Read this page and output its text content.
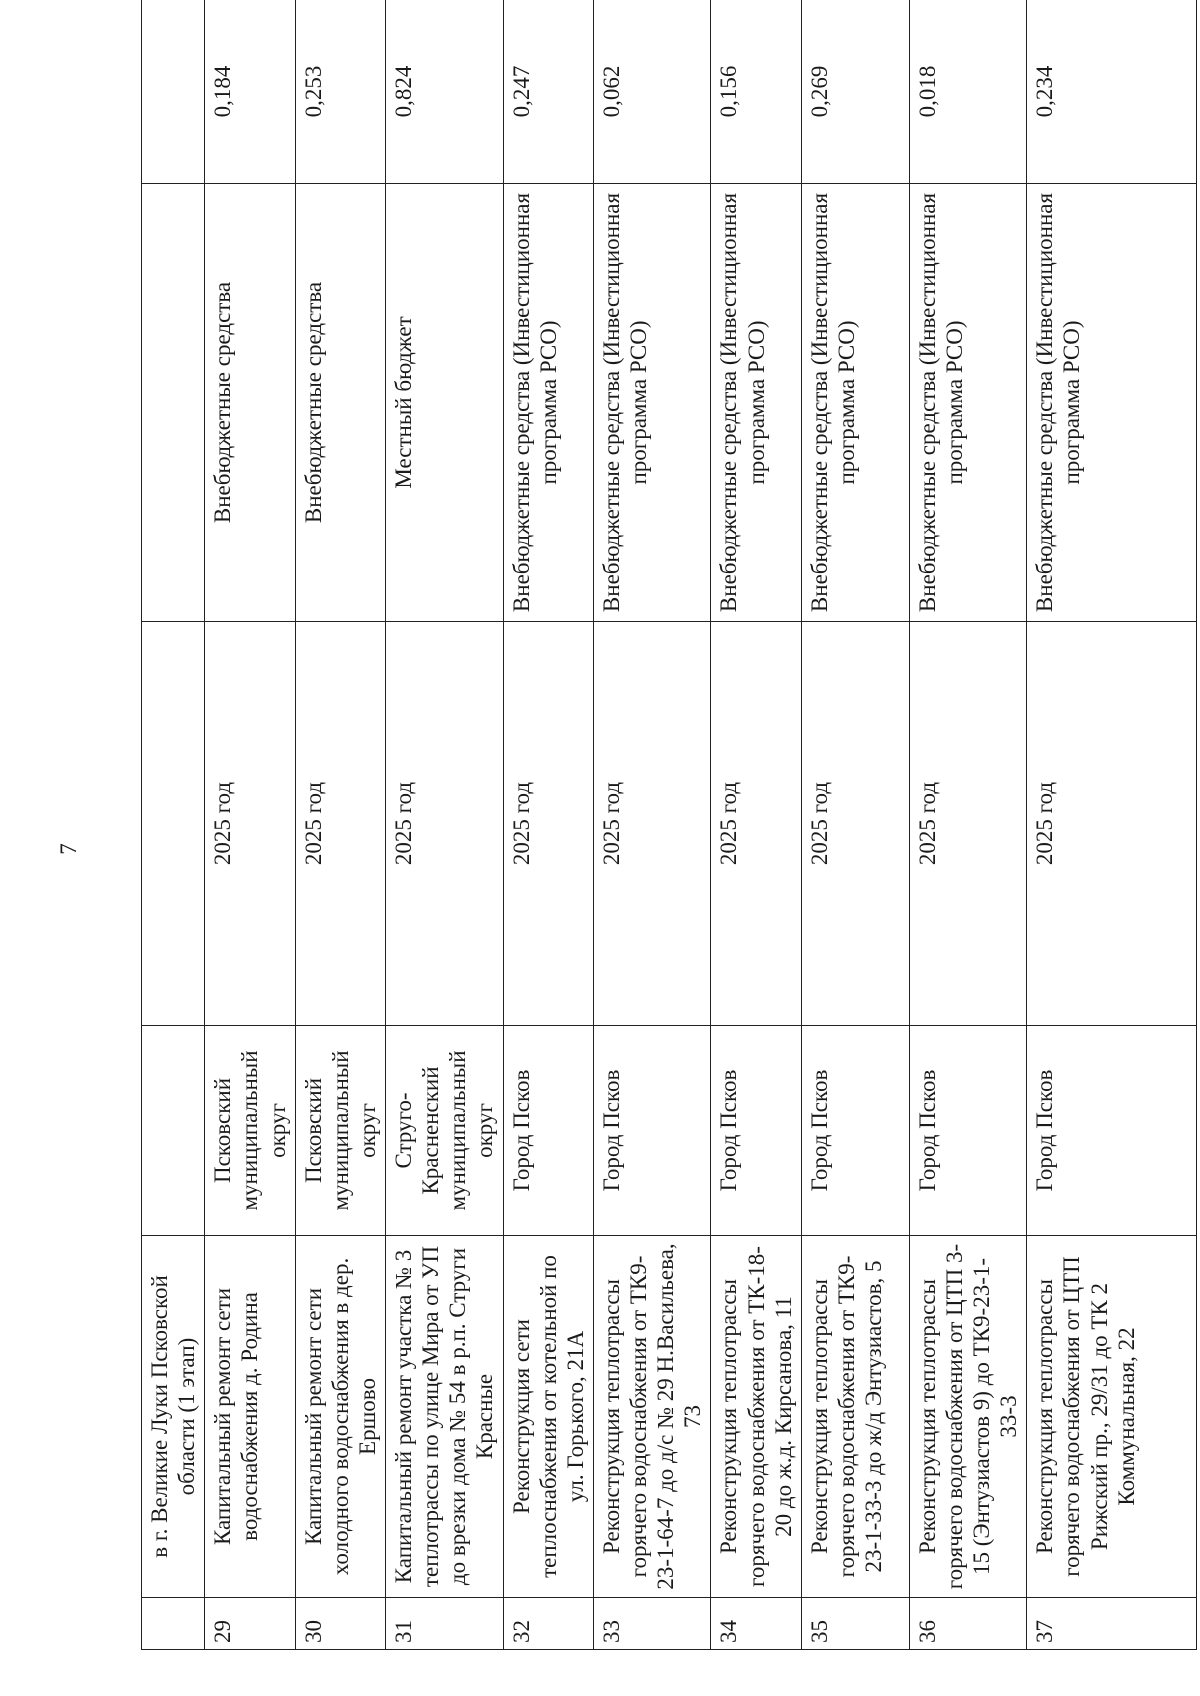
7
	в г. Великие Луки Псковской области (1 этап)				
29	Капитальный ремонт сети водоснабжения д. Родина	Псковский муниципальный округ	2025 год	Внебюджетные средства	0,184
30	Капитальный ремонт сети холодного водоснабжения в дер. Ершово	Псковский муниципальный округ	2025 год	Внебюджетные средства	0,253
31	Капитальный ремонт участка № 3 теплотрассы по улице Мира от УП до врезки дома № 54 в р.п. Струги Красные	Струго-Красненский муниципальный округ	2025 год	Местный бюджет	0,824
32	Реконструкция сети теплоснабжения от котельной по ул. Горького, 21А	Город Псков	2025 год	Внебюджетные средства (Инвестиционная программа РСО)	0,247
33	Реконструкция теплотрассы горячего водоснабжения от ТК9-23-1-64-7 до д/с № 29 Н.Васильева, 73	Город Псков	2025 год	Внебюджетные средства (Инвестиционная программа РСО)	0,062
34	Реконструкция теплотрассы горячего водоснабжения от ТК-18-20 до ж.д. Кирсанова, 11	Город Псков	2025 год	Внебюджетные средства (Инвестиционная программа РСО)	0,156
35	Реконструкция теплотрассы горячего водоснабжения от ТК9-23-1-33-3 до ж/д Энтузиастов, 5	Город Псков	2025 год	Внебюджетные средства (Инвестиционная программа РСО)	0,269
36	Реконструкция теплотрассы горячего водоснабжения от ЦТП 3-15 (Энтузиастов 9) до ТК9-23-1-33-3	Город Псков	2025 год	Внебюджетные средства (Инвестиционная программа РСО)	0,018
37	Реконструкция теплотрассы горячего водоснабжения от ЦТП Рижский пр., 29/31 до ТК 2 Коммунальная, 22	Город Псков	2025 год	Внебюджетные средства (Инвестиционная программа РСО)	0,234
